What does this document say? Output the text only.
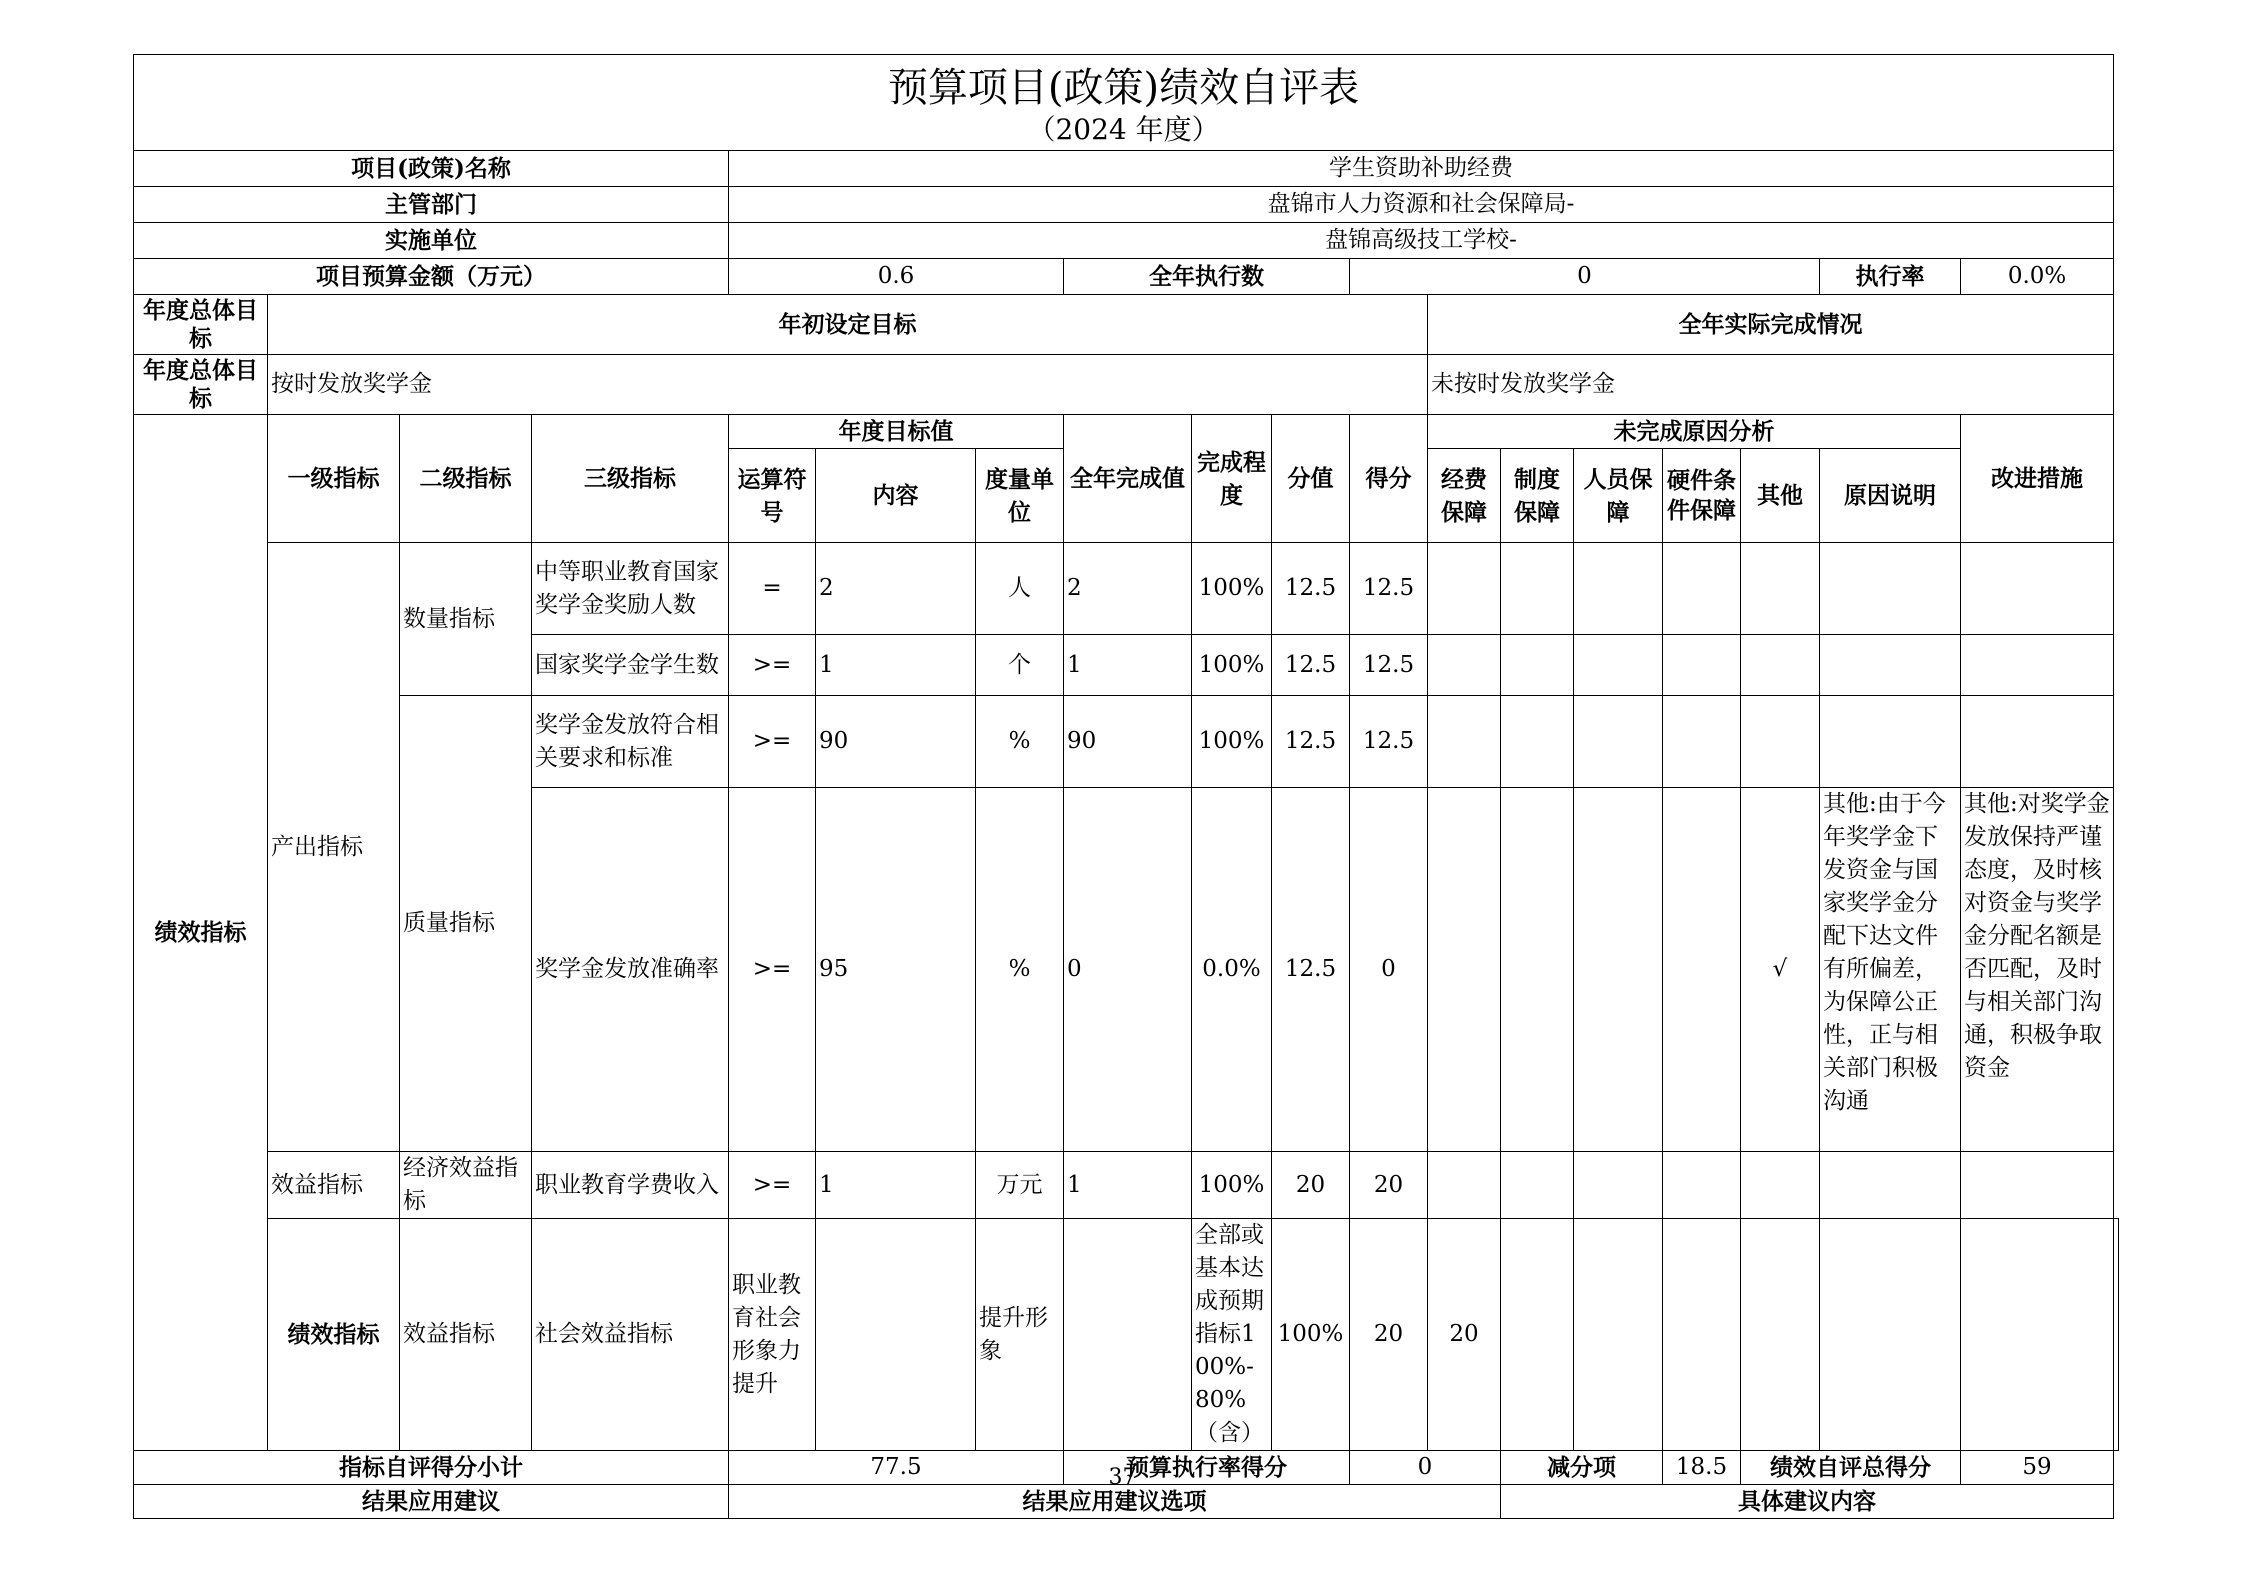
预算项目(政策)绩效自评表
（2024 年度）																		

项目(政策)名称				学生资助补助经费														
主管部门				盘锦市人力资源和社会保障局-														
实施单位				盘锦高级技工学校-														
项目预算金额（万元）				0.6			全年执行数			0						执行率	0.0%	
年度总体目标	年初设定目标										全年实际完成情况							
年度总体目标	按时发放奖学金										未按时发放奖学金							
绩效指标	一级指标	二级指标	三级指标	年度目标值			全年完成值	完成程度	分值	得分	未完成原因分析						改进措施	
				运算符号	内容	度量单位					经费保障	制度保障	人员保障	硬件条件保障	其他	原因说明		
	产出指标	数量指标	中等职业教育国家奖学金奖励人数	=	2	人	2	100%	12.5	12.5								
			国家奖学金学生数	>=	1	个	1	100%	12.5	12.5								
		质量指标	奖学金发放符合相关要求和标准	>=	90	%	90	100%	12.5	12.5								
			奖学金发放准确率	>=	95	%	0	0.0%	12.5	0					√	其他:由于今年奖学金下发资金与国家奖学金分配下达文件有所偏差，为保障公正性，正与相关部门积极沟通	其他:对奖学金发放保持严谨态度，及时核对资金与奖学金分配名额是否匹配，及时与相关部门沟通，积极争取资金	
	效益指标	经济效益指标	职业教育学费收入	>=	1	万元	1	100%	20	20								
	绩效指标	效益指标	社会效益指标	职业教育社会形象力提升		提升形象		全部或基本达成预期指标100%-80%（含）	100%	20	20							
指标自评得分小计				77.5			预算执行率得分			0		减分项		18.5	绩效自评总得分		59	
结果应用建议				结果应用建议选项								具体建议内容						
37
